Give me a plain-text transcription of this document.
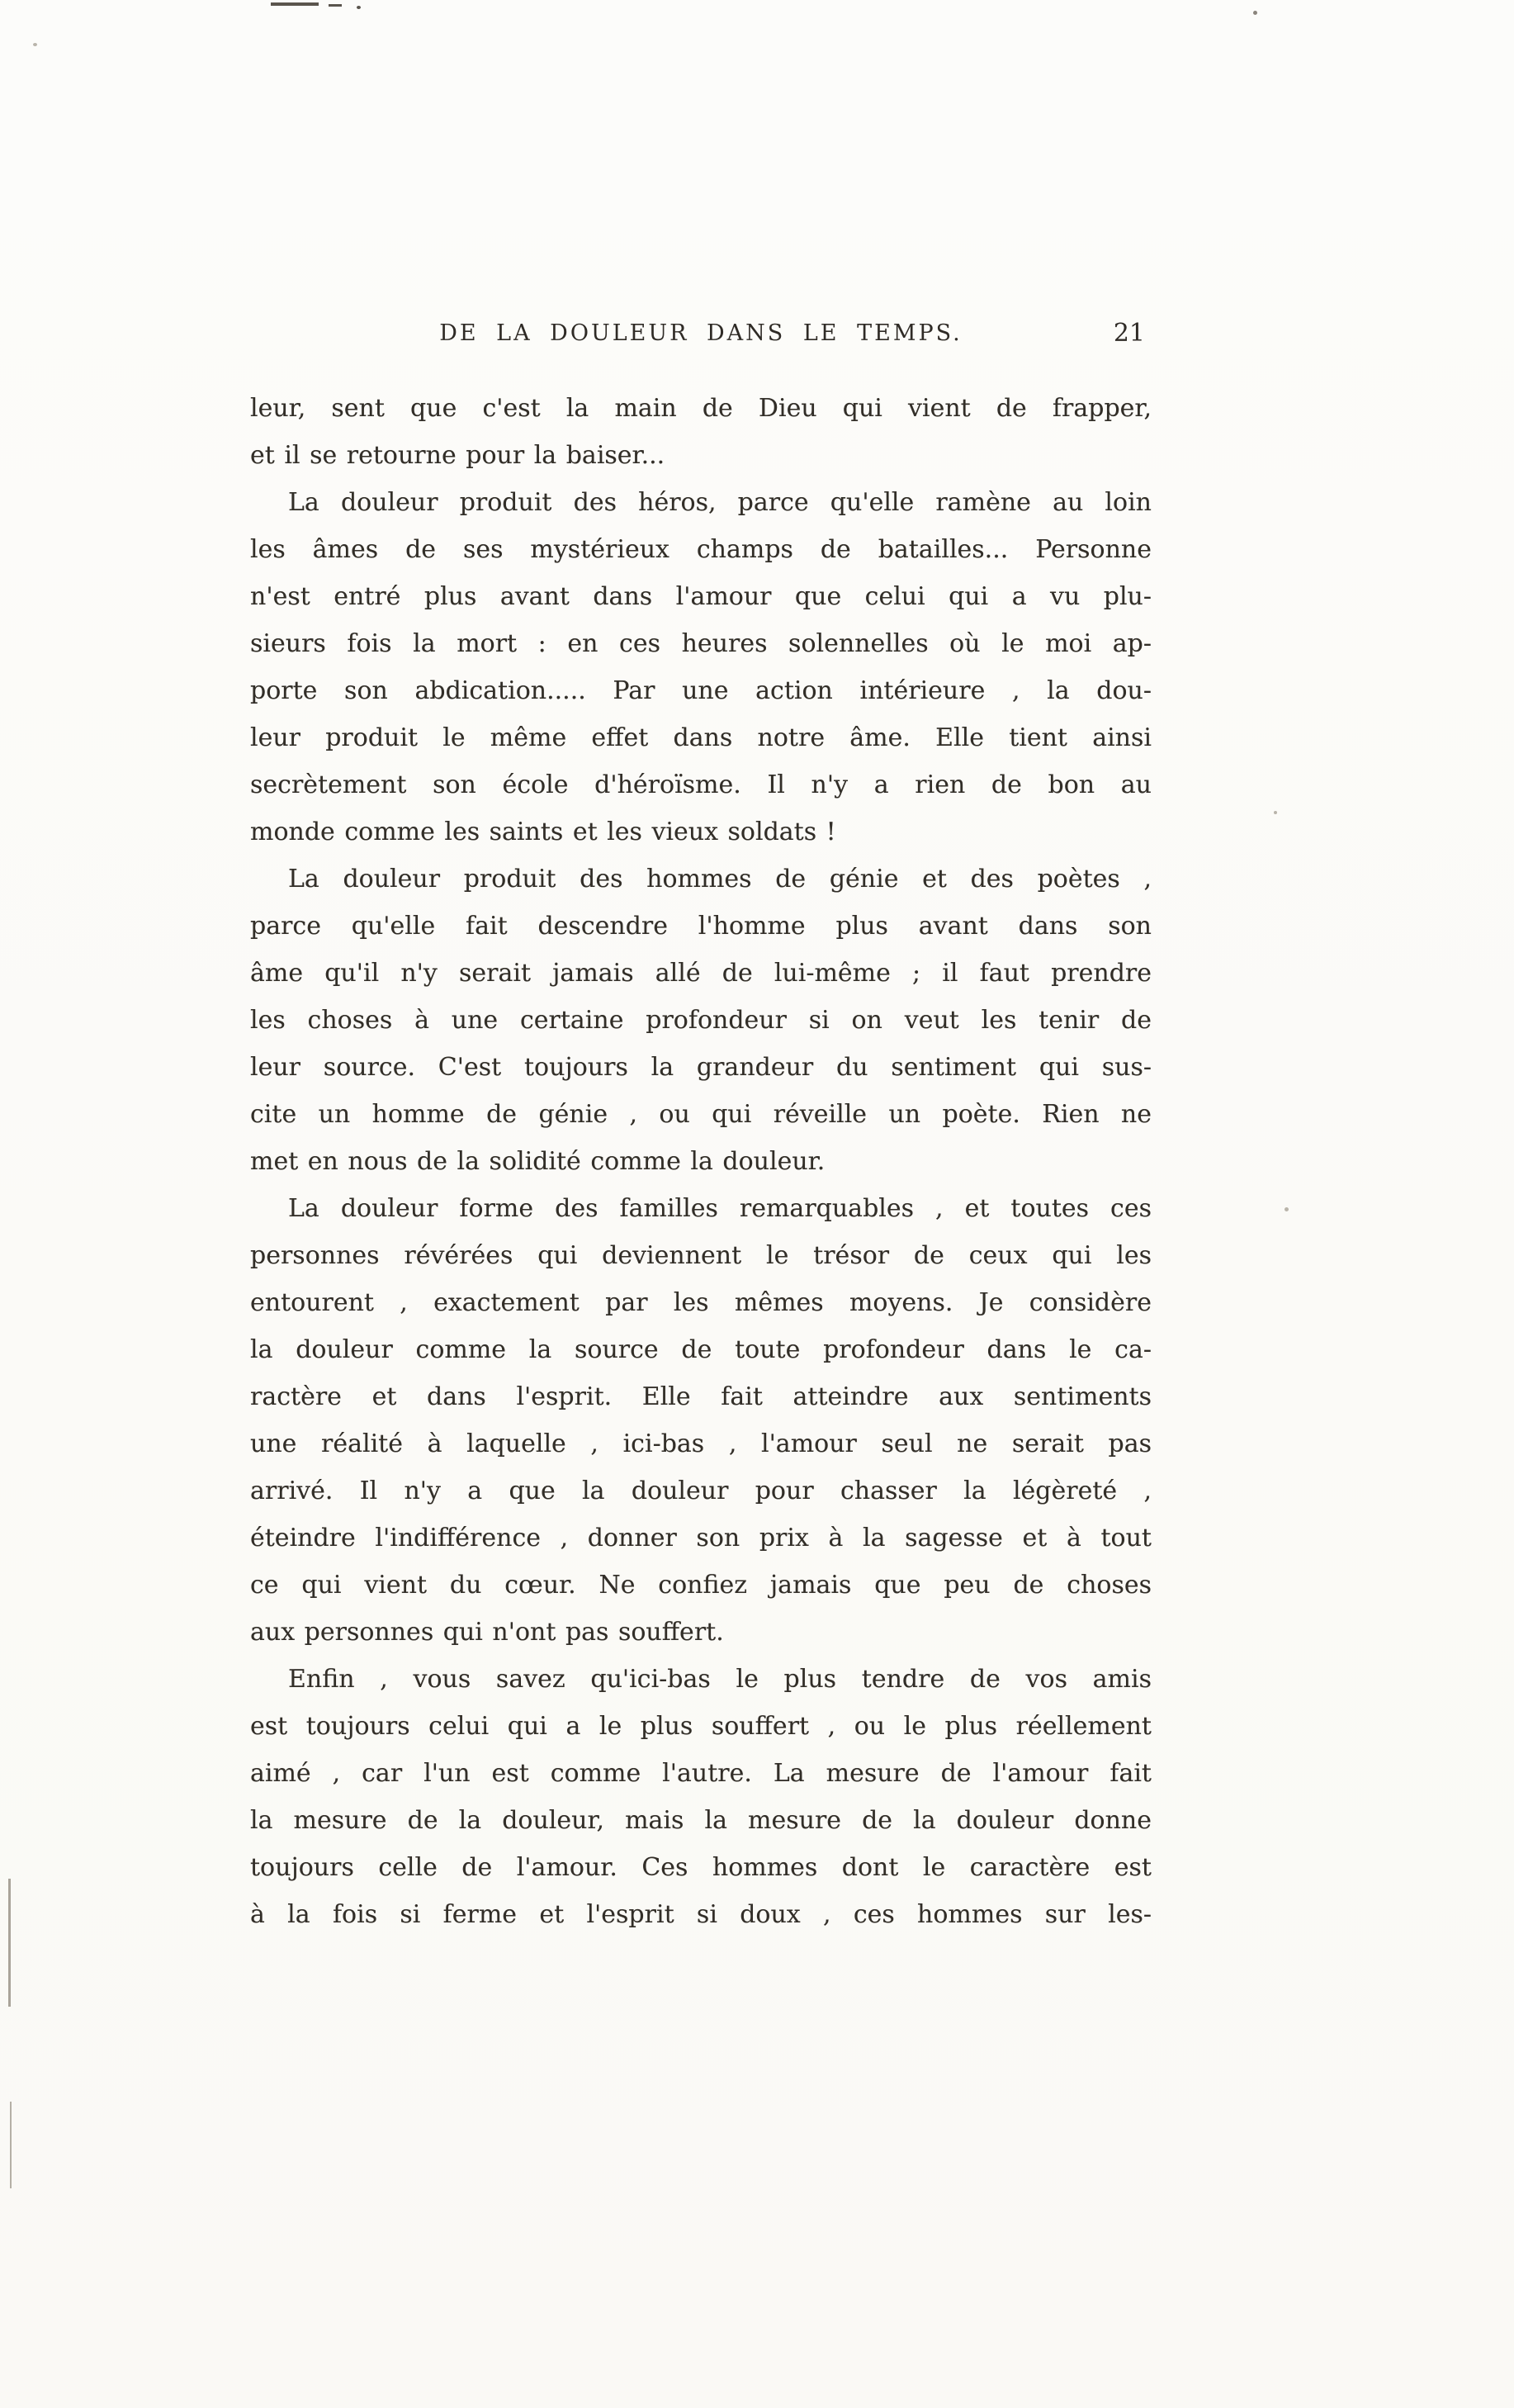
DE LA DOULEUR DANS LE TEMPS.	21
leur, sent que c'est la main de Dieu qui vient de frapper,
et il se retourne pour la baiser...
La douleur produit des héros, parce qu'elle ramène au loin
les âmes de ses mystérieux champs de batailles... Personne
n'est entré plus avant dans l'amour que celui qui a vu plu-
sieurs fois la mort : en ces heures solennelles où le moi ap-
porte son abdication..... Par une action intérieure , la dou-
leur produit le même effet dans notre âme. Elle tient ainsi
secrètement son école d'héroïsme. Il n'y a rien de bon au
monde comme les saints et les vieux soldats !
La douleur produit des hommes de génie et des poètes ,
parce qu'elle fait descendre l'homme plus avant dans son
âme qu'il n'y serait jamais allé de lui-même ; il faut prendre
les choses à une certaine profondeur si on veut les tenir de
leur source. C'est toujours la grandeur du sentiment qui sus-
cite un homme de génie , ou qui réveille un poète. Rien ne
met en nous de la solidité comme la douleur.
La douleur forme des familles remarquables , et toutes ces
personnes révérées qui deviennent le trésor de ceux qui les
entourent , exactement par les mêmes moyens. Je considère
la douleur comme la source de toute profondeur dans le ca-
ractère et dans l'esprit. Elle fait atteindre aux sentiments
une réalité à laquelle , ici-bas , l'amour seul ne serait pas
arrivé. Il n'y a que la douleur pour chasser la légèreté ,
éteindre l'indifférence , donner son prix à la sagesse et à tout
ce qui vient du cœur. Ne confiez jamais que peu de choses
aux personnes qui n'ont pas souffert.
Enfin , vous savez qu'ici-bas le plus tendre de vos amis
est toujours celui qui a le plus souffert , ou le plus réellement
aimé , car l'un est comme l'autre. La mesure de l'amour fait
la mesure de la douleur, mais la mesure de la douleur donne
toujours celle de l'amour. Ces hommes dont le caractère est
à la fois si ferme et l'esprit si doux , ces hommes sur les-
